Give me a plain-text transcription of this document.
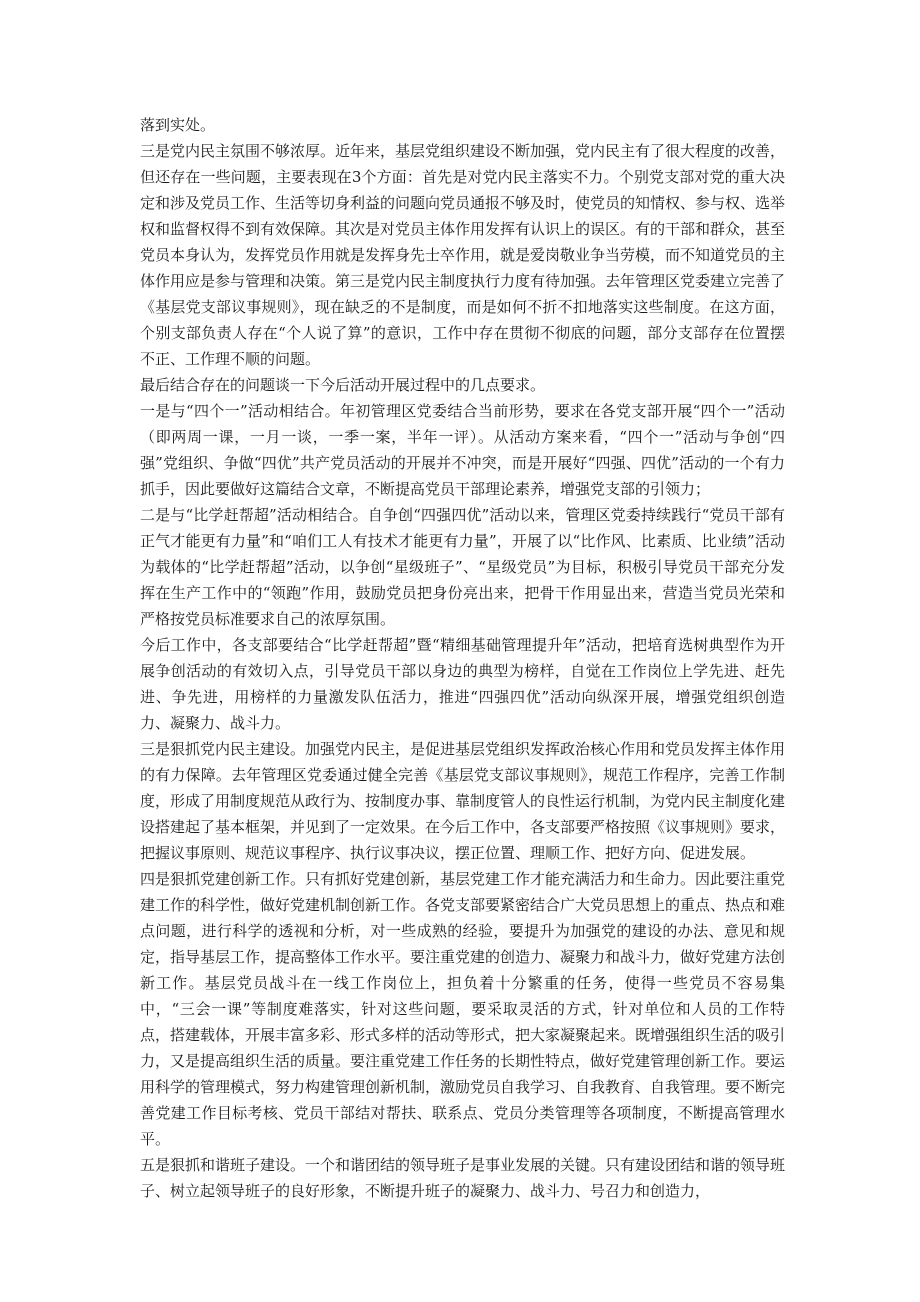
落到实处。

三是党内民主氛围不够浓厚。近年来，基层党组织建设不断加强，党内民主有了很大程度的改善，但还存在一些问题，主要表现在3个方面：首先是对党内民主落实不力。个别党支部对党的重大决定和涉及党员工作、生活等切身利益的问题向党员通报不够及时，使党员的知情权、参与权、选举权和监督权得不到有效保障。其次是对党员主体作用发挥有认识上的误区。有的干部和群众，甚至党员本身认为，发挥党员作用就是发挥身先士卒作用，就是爱岗敬业争当劳模，而不知道党员的主体作用应是参与管理和决策。第三是党内民主制度执行力度有待加强。去年管理区党委建立完善了《基层党支部议事规则》，现在缺乏的不是制度，而是如何不折不扣地落实这些制度。在这方面，个别支部负责人存在“个人说了算”的意识，工作中存在贯彻不彻底的问题，部分支部存在位置摆不正、工作理不顺的问题。

最后结合存在的问题谈一下今后活动开展过程中的几点要求。

一是与“四个一”活动相结合。年初管理区党委结合当前形势，要求在各党支部开展“四个一”活动（即两周一课，一月一谈，一季一案，半年一评）。从活动方案来看，“四个一”活动与争创“四强”党组织、争做“四优”共产党员活动的开展并不冲突，而是开展好“四强、四优”活动的一个有力抓手，因此要做好这篇结合文章，不断提高党员干部理论素养，增强党支部的引领力；

二是与“比学赶帮超”活动相结合。自争创“四强四优”活动以来，管理区党委持续践行“党员干部有正气才能更有力量”和“咱们工人有技术才能更有力量”，开展了以“比作风、比素质、比业绩”活动为载体的“比学赶帮超”活动，以争创“星级班子”、“星级党员”为目标，积极引导党员干部充分发挥在生产工作中的“领跑”作用，鼓励党员把身份亮出来，把骨干作用显出来，营造当党员光荣和严格按党员标准要求自己的浓厚氛围。

今后工作中，各支部要结合“比学赶帮超”暨“精细基础管理提升年”活动，把培育选树典型作为开展争创活动的有效切入点，引导党员干部以身边的典型为榜样，自觉在工作岗位上学先进、赶先进、争先进，用榜样的力量激发队伍活力，推进“四强四优”活动向纵深开展，增强党组织创造力、凝聚力、战斗力。

三是狠抓党内民主建设。加强党内民主，是促进基层党组织发挥政治核心作用和党员发挥主体作用的有力保障。去年管理区党委通过健全完善《基层党支部议事规则》，规范工作程序，完善工作制度，形成了用制度规范从政行为、按制度办事、靠制度管人的良性运行机制，为党内民主制度化建设搭建起了基本框架，并见到了一定效果。在今后工作中，各支部要严格按照《议事规则》要求，把握议事原则、规范议事程序、执行议事决议，摆正位置、理顺工作、把好方向、促进发展。

四是狠抓党建创新工作。只有抓好党建创新，基层党建工作才能充满活力和生命力。因此要注重党建工作的科学性，做好党建机制创新工作。各党支部要紧密结合广大党员思想上的重点、热点和难点问题，进行科学的透视和分析，对一些成熟的经验，要提升为加强党的建设的办法、意见和规定，指导基层工作，提高整体工作水平。要注重党建的创造力、凝聚力和战斗力，做好党建方法创新工作。基层党员战斗在一线工作岗位上，担负着十分繁重的任务，使得一些党员不容易集中，“三会一课”等制度难落实，针对这些问题，要采取灵活的方式，针对单位和人员的工作特点，搭建载体，开展丰富多彩、形式多样的活动等形式，把大家凝聚起来。既增强组织生活的吸引力，又是提高组织生活的质量。要注重党建工作任务的长期性特点，做好党建管理创新工作。要运用科学的管理模式，努力构建管理创新机制，激励党员自我学习、自我教育、自我管理。要不断完善党建工作目标考核、党员干部结对帮扶、联系点、党员分类管理等各项制度，不断提高管理水平。

五是狠抓和谐班子建设。一个和谐团结的领导班子是事业发展的关键。只有建设团结和谐的领导班子、树立起领导班子的良好形象，不断提升班子的凝聚力、战斗力、号召力和创造力，
